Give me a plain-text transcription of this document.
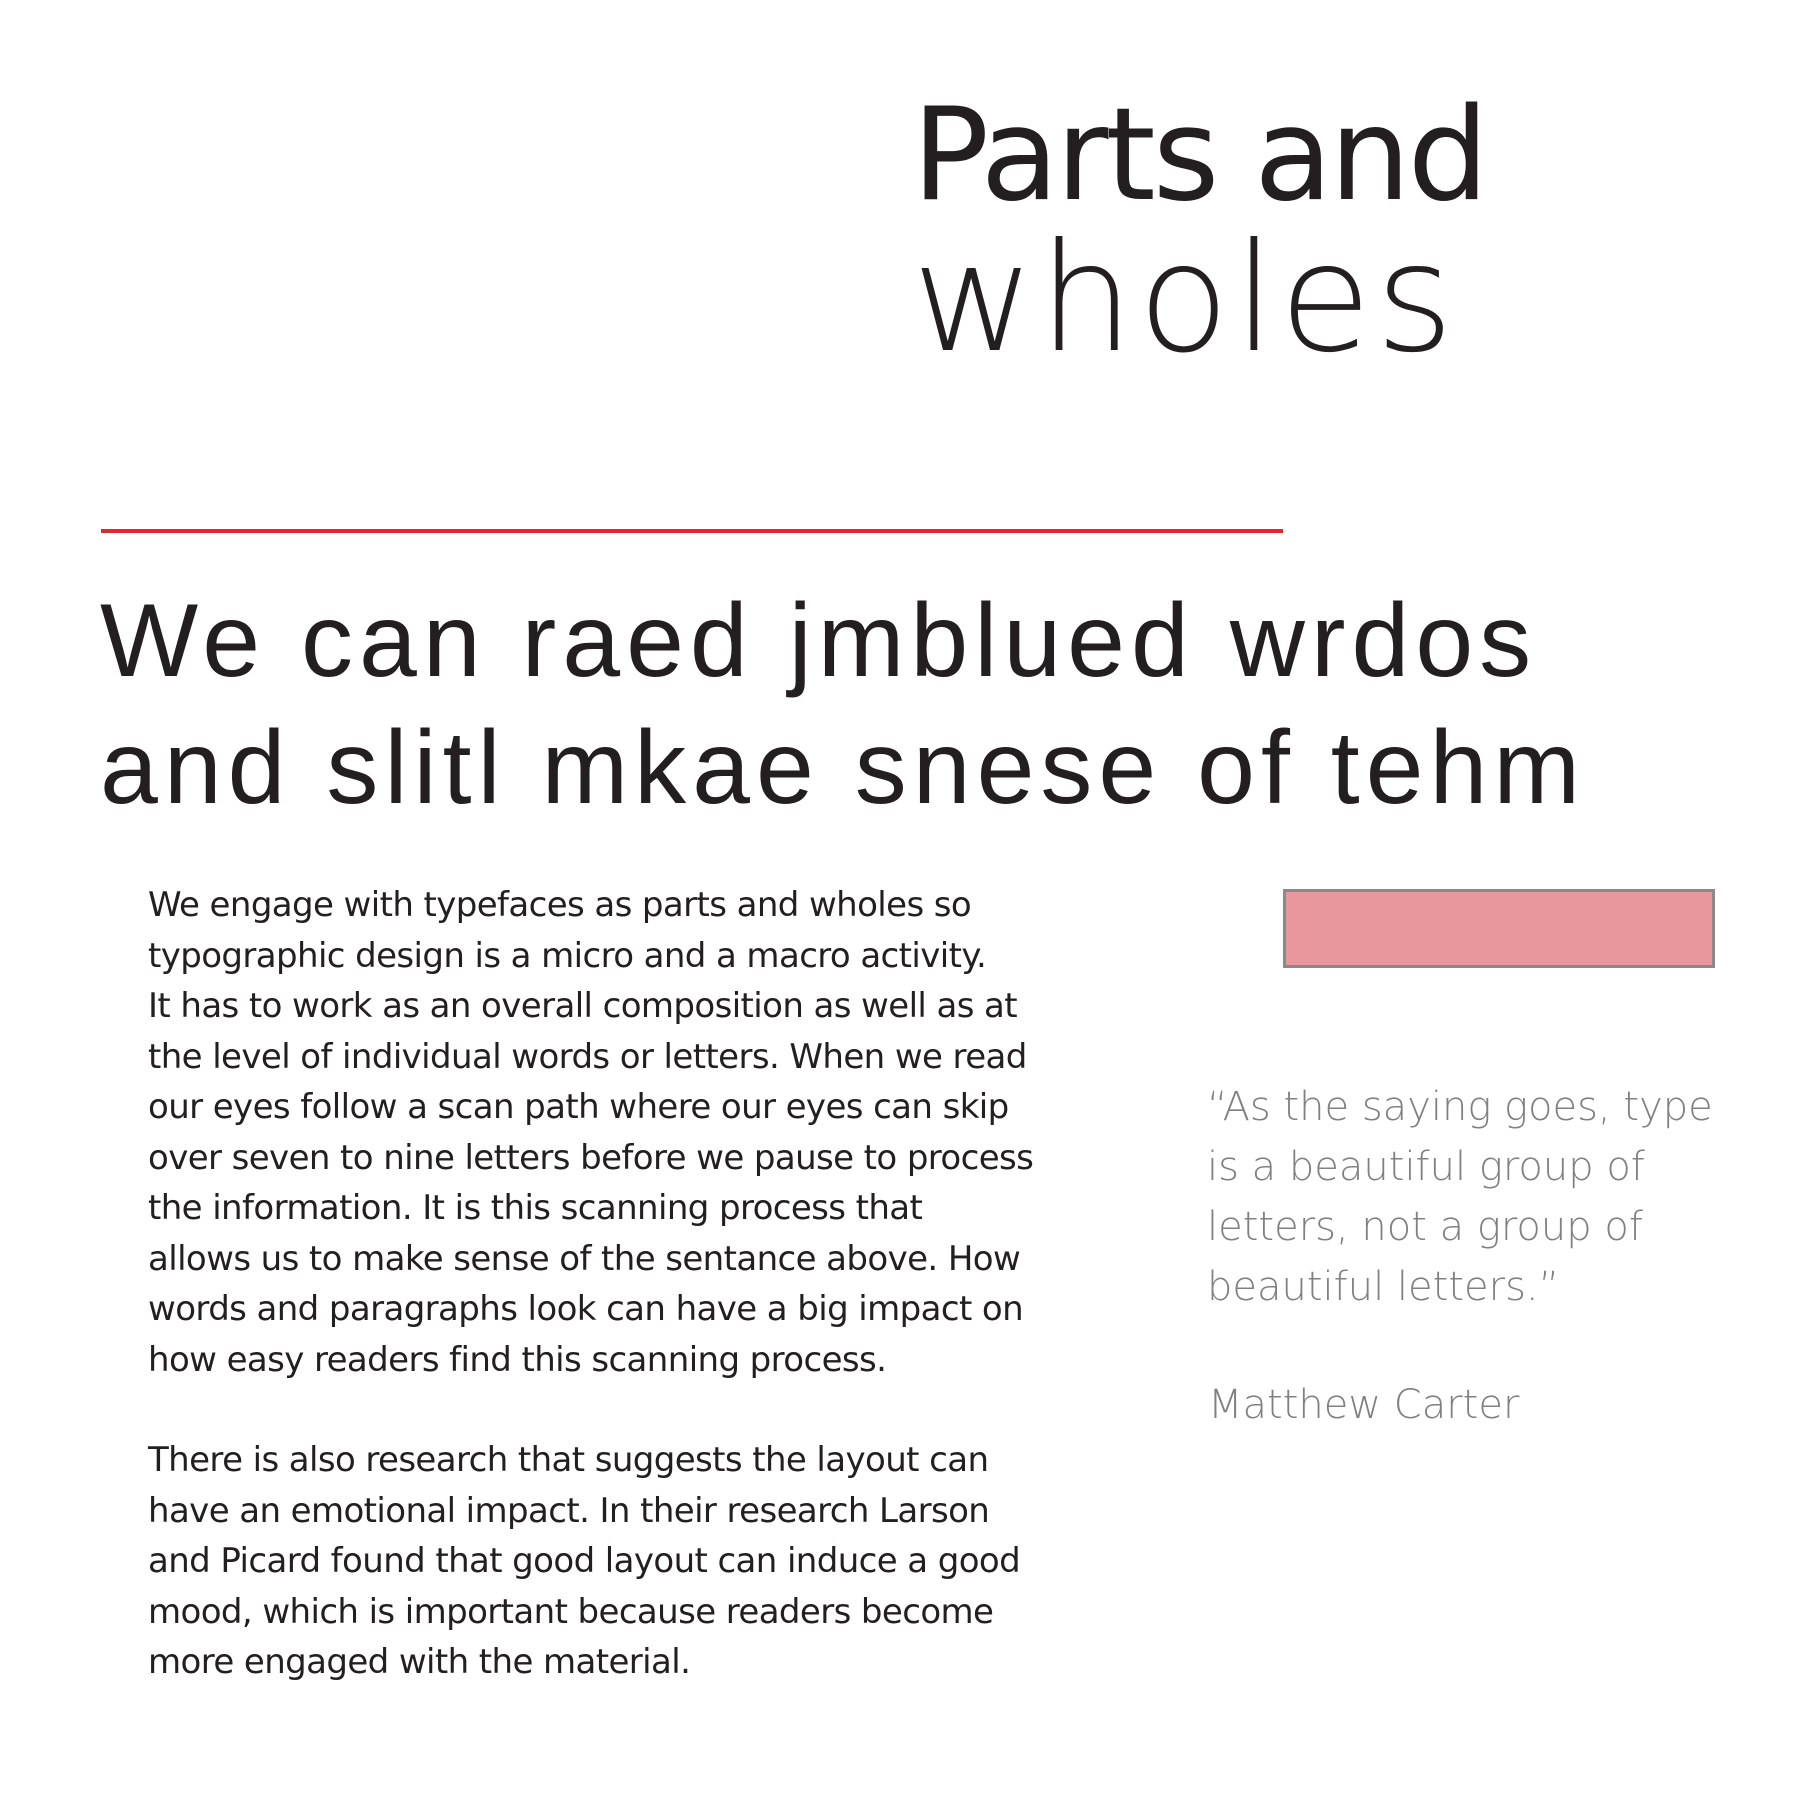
Parts and
wholes
We can raed jmblued wrdos
and slitl mkae snese of tehm

We engage with typefaces as parts and wholes so
typographic design is a micro and a macro activity.
It has to work as an overall composition as well as at
the level of individual words or letters. When we read
our eyes follow a scan path where our eyes can skip
over seven to nine letters before we pause to process
the information. It is this scanning process that
allows us to make sense of the sentance above. How
words and paragraphs look can have a big impact on
how easy readers find this scanning process.

There is also research that suggests the layout can
have an emotional impact. In their research Larson
and Picard found that good layout can induce a good
mood, which is important because readers become
more engaged with the material.

“As the saying goes, type
is a beautiful group of
letters, not a group of
beautiful letters.”

Matthew Carter
